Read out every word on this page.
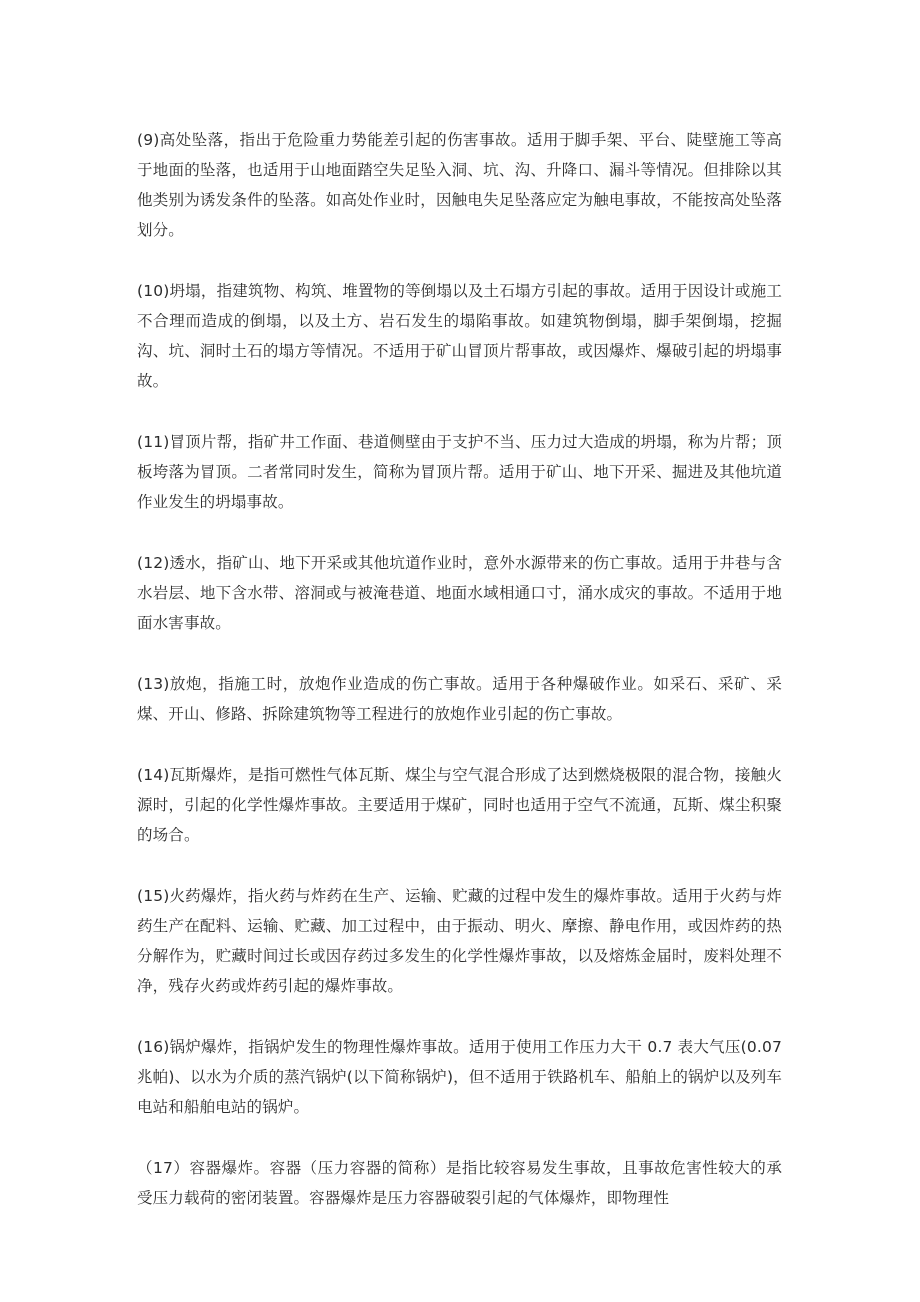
(9)高处坠落，指出于危险重力势能差引起的伤害事故。适用于脚手架、平台、陡壁施工等高于地面的坠落，也适用于山地面踏空失足坠入洞、坑、沟、升降口、漏斗等情况。但排除以其他类别为诱发条件的坠落。如高处作业时，因触电失足坠落应定为触电事故，不能按高处坠落划分。

(10)坍塌，指建筑物、构筑、堆置物的等倒塌以及土石塌方引起的事故。适用于因设计或施工不合理而造成的倒塌，以及土方、岩石发生的塌陷事故。如建筑物倒塌，脚手架倒塌，挖掘沟、坑、洞时土石的塌方等情况。不适用于矿山冒顶片帮事故，或因爆炸、爆破引起的坍塌事故。

(11)冒顶片帮，指矿井工作面、巷道侧壁由于支护不当、压力过大造成的坍塌，称为片帮；顶板垮落为冒顶。二者常同时发生，简称为冒顶片帮。适用于矿山、地下开采、掘进及其他坑道作业发生的坍塌事故。

(12)透水，指矿山、地下开采或其他坑道作业时，意外水源带来的伤亡事故。适用于井巷与含水岩层、地下含水带、溶洞或与被淹巷道、地面水域相通口寸，涌水成灾的事故。不适用于地面水害事故。

(13)放炮，指施工时，放炮作业造成的伤亡事故。适用于各种爆破作业。如采石、采矿、采煤、开山、修路、拆除建筑物等工程进行的放炮作业引起的伤亡事故。

(14)瓦斯爆炸，是指可燃性气体瓦斯、煤尘与空气混合形成了达到燃烧极限的混合物，接触火源时，引起的化学性爆炸事故。主要适用于煤矿，同时也适用于空气不流通，瓦斯、煤尘积聚的场合。

(15)火药爆炸，指火药与炸药在生产、运输、贮藏的过程中发生的爆炸事故。适用于火药与炸药生产在配料、运输、贮藏、加工过程中，由于振动、明火、摩擦、静电作用，或因炸药的热分解作为，贮藏时间过长或因存药过多发生的化学性爆炸事故，以及熔炼金届时，废料处理不净，残存火药或炸药引起的爆炸事故。

(16)锅炉爆炸，指锅炉发生的物理性爆炸事故。适用于使用工作压力大干 0.7 表大气压(0.07 兆帕)、以水为介质的蒸汽锅炉(以下简称锅炉)，但不适用于铁路机车、船舶上的锅炉以及列车电站和船舶电站的锅炉。

（17）容器爆炸。容器（压力容器的简称）是指比较容易发生事故，且事故危害性较大的承受压力载荷的密闭装置。容器爆炸是压力容器破裂引起的气体爆炸，即物理性
